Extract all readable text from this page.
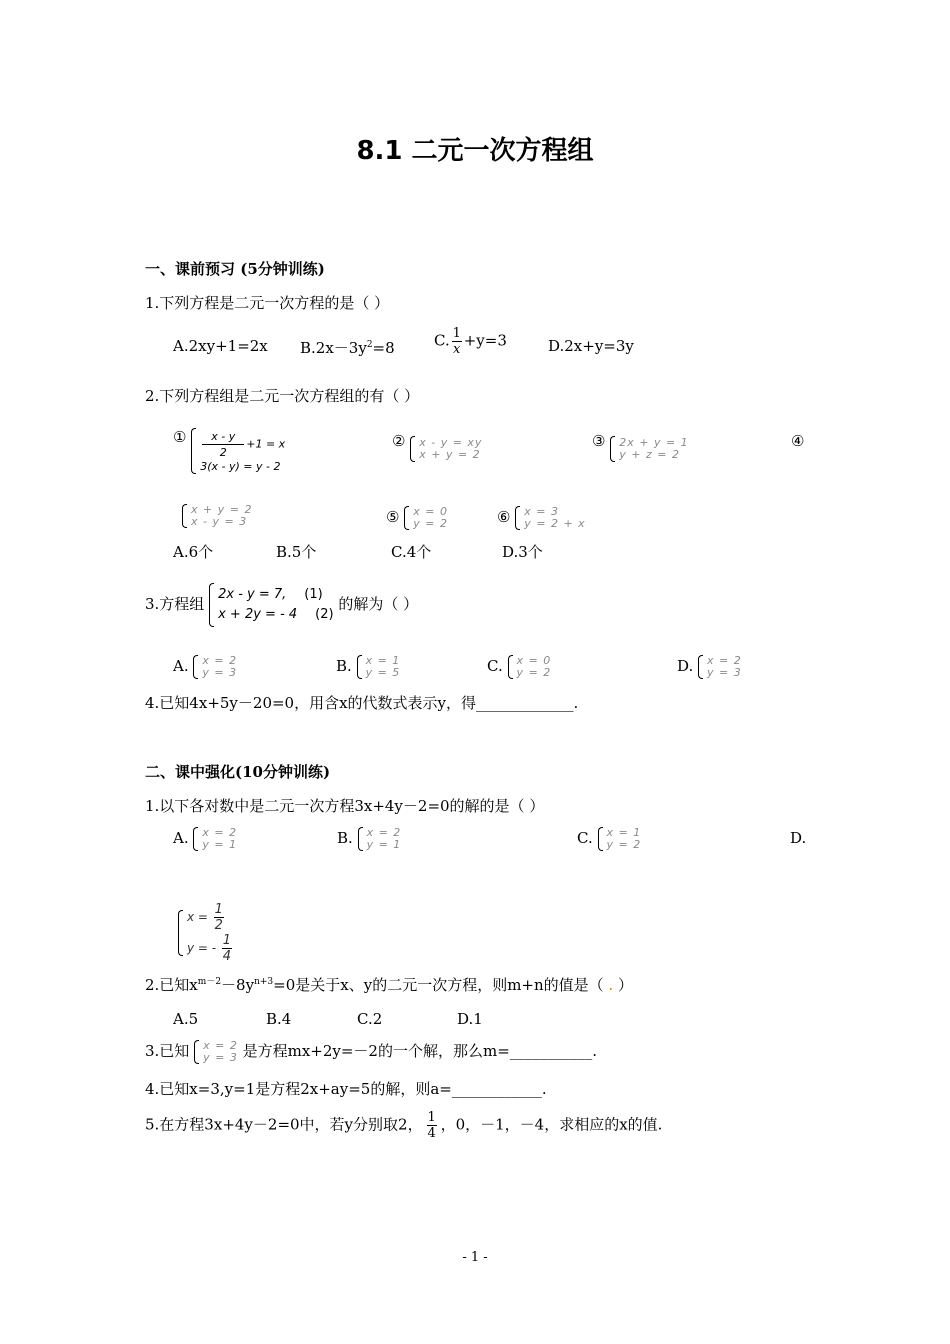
8.1 二元一次方程组
一、课前预习 (5分钟训练)
1.下列方程是二元一次方程的是（ ）
A.2xy+1=2x $B.2x-3y^2=8$	C. $\frac{1}{x} +y=3$	D.2x+y=3y
2.下列方程组是二元一次方程组的有（ ）
① $\frac{x - y}{2} +1 = x$
3(x - y) = y - 2
② x - y = xy
x + y = 2
③ 2x + y = 1
y + z = 2
④
x + y = 2
x - y = 3	⑤ x = 0
y = 2	⑥ x = 3
y = 2 + x
A.6个	B.5个	C.4个	D.3个
3.方程组
2x - y = 7, (1)
x + 2y = - 4 (2)
的解为（ ）
A. x = 2
y = 3	B. x = 1
y = 5	C. x = 0
y = 2	D. x = 2
y = 3
4.已知4x+5y－20=0，用含x的代数式表示y，得_____________.
二、课中强化(10分钟训练)
1.以下各对数中是二元一次方程3x+4y－2=0的解的是（ ）
A. x = 2
y = 1	B. x = 2
y = 1	C. x = 1
y = 2	D.
$x = \frac{1}{2}$
y = - $\frac{1}{4}$
2.已知$x^{m-2}-8y^{n+3}=0$是关于x、y的二元一次方程，则m+n的值是（ . ）
A.5	B.4	C.2	D.1
3.已知 x = 2
y = 3 是方程mx+2y=－2的一个解，那么m=___________.
4.已知x=3,y=1是方程2x+ay=5的解，则a=____________.
5.在方程3x+4y－2=0中，若y分别取2， $\frac{1}{4}$ ，0，－1，－4，求相应的x的值.
- 1 -
